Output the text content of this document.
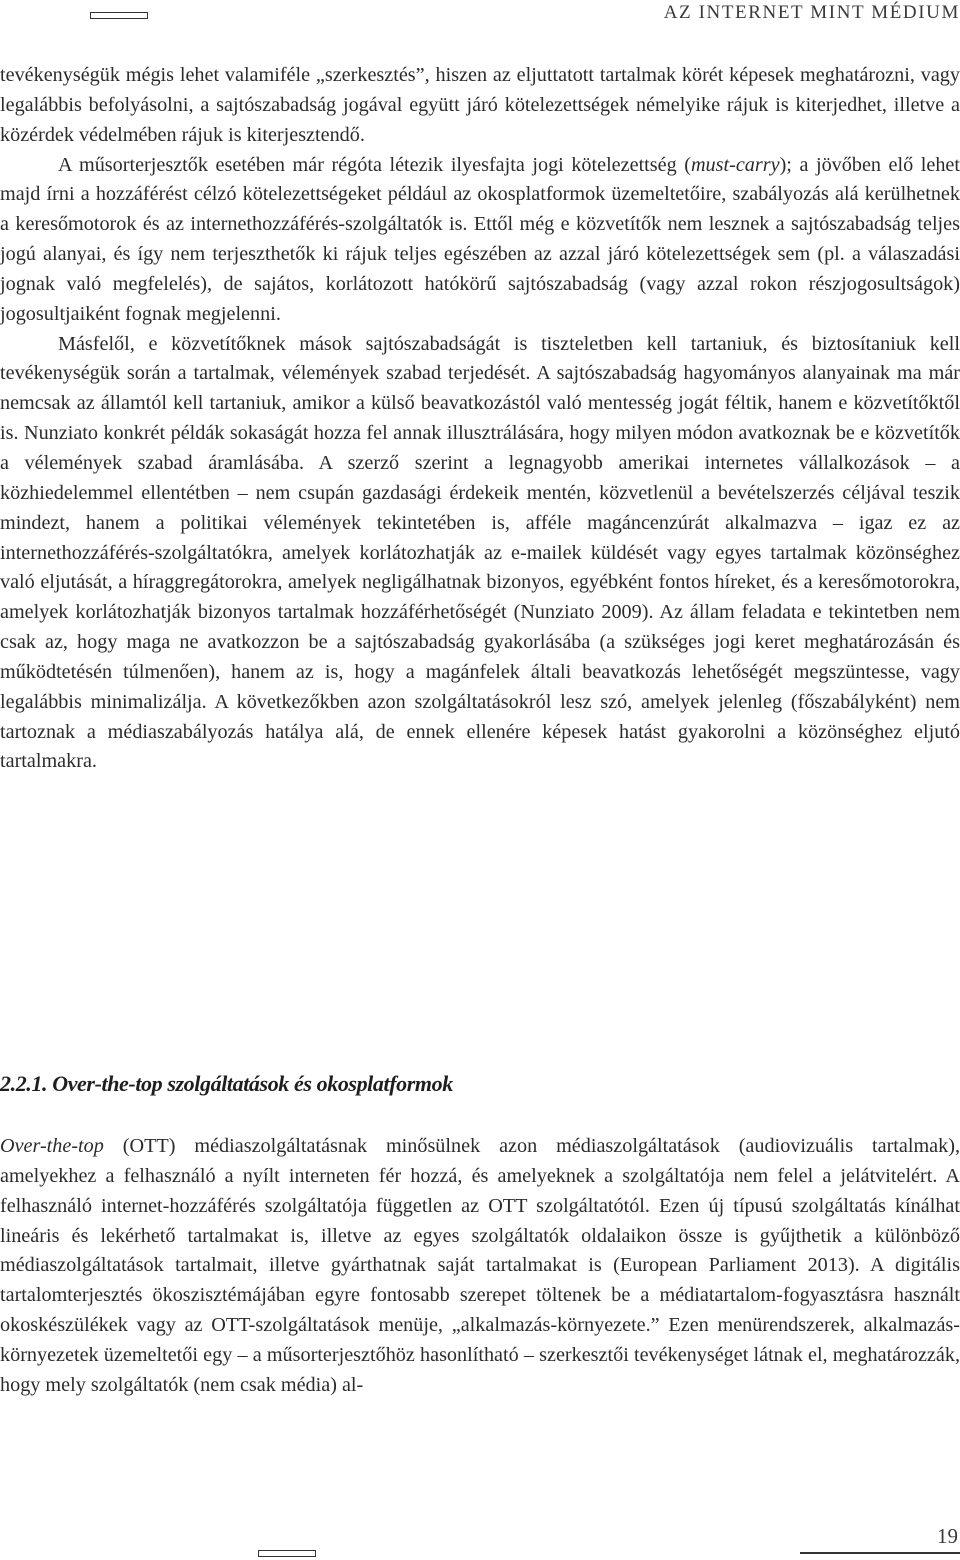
AZ INTERNET MINT MÉDIUM

tevékenységük mégis lehet valamiféle „szerkesztés”, hiszen az eljuttatott tartalmak körét képesek meghatározni, vagy legalábbis befolyásolni, a sajtószabadság jogával együtt járó kötelezettségek némelyike rájuk is kiterjedhet, illetve a közérdek védelmében rájuk is kiterjesztendő.

A műsorterjesztők esetében már régóta létezik ilyesfajta jogi kötelezettség (must-carry); a jövőben elő lehet majd írni a hozzáférést célzó kötelezettségeket például az okosplatformok üzemeltetőire, szabályozás alá kerülhetnek a keresőmotorok és az internethozzáférés-szolgáltatók is. Ettől még e közvetítők nem lesznek a sajtószabadság teljes jogú alanyai, és így nem terjeszthetők ki rájuk teljes egészében az azzal járó kötelezettségek sem (pl. a válaszadási jognak való megfelelés), de sajátos, korlátozott hatókörű sajtószabadság (vagy azzal rokon részjogosultságok) jogosultjaiként fognak megjelenni.

Másfelől, e közvetítőknek mások sajtószabadságát is tiszteletben kell tartaniuk, és biztosítaniuk kell tevékenységük során a tartalmak, vélemények szabad terjedését. A sajtószabadság hagyományos alanyainak ma már nemcsak az államtól kell tartaniuk, amikor a külső beavatkozástól való mentesség jogát féltik, hanem e közvetítőktől is. Nunziato konkrét példák sokaságát hozza fel annak illusztrálására, hogy milyen módon avatkoznak be e közvetítők a vélemények szabad áramlásába. A szerző szerint a legnagyobb amerikai internetes vállalkozások – a közhiedelemmel ellentétben – nem csupán gazdasági érdekeik mentén, közvetlenül a bevételszerzés céljával teszik mindezt, hanem a politikai vélemények tekintetében is, afféle magáncenzúrát alkalmazva – igaz ez az internethozzáférés-szolgáltatókra, amelyek korlátozhatják az e-mailek küldését vagy egyes tartalmak közönséghez való eljutását, a híraggregátorokra, amelyek negligálhatnak bizonyos, egyébként fontos híreket, és a keresőmotorokra, amelyek korlátozhatják bizonyos tartalmak hozzáférhetőségét (Nunziato 2009). Az állam feladata e tekintetben nem csak az, hogy maga ne avatkozzon be a sajtószabadság gyakorlásába (a szükséges jogi keret meghatározásán és működtetésén túlmenően), hanem az is, hogy a magánfelek általi beavatkozás lehetőségét megszüntesse, vagy legalábbis minimalizálja. A következőkben azon szolgáltatásokról lesz szó, amelyek jelenleg (főszabályként) nem tartoznak a médiaszabályozás hatálya alá, de ennek ellenére képesek hatást gyakorolni a közönséghez eljutó tartalmakra.

2.2.1. Over-the-top szolgáltatások és okosplatformok

Over-the-top (OTT) médiaszolgáltatásnak minősülnek azon médiaszolgáltatások (audiovizuális tartalmak), amelyekhez a felhasználó a nyílt interneten fér hozzá, és amelyeknek a szolgáltatója nem felel a jelátvitelért. A felhasználó internet-hozzáférés szolgáltatója független az OTT szolgáltatótól. Ezen új típusú szolgáltatás kínálhat lineáris és lekérhető tartalmakat is, illetve az egyes szolgáltatók oldalaikon össze is gyűjthetik a különböző médiaszolgáltatások tartalmait, illetve gyárthatnak saját tartalmakat is (European Parliament 2013). A digitális tartalomterjesztés ökoszisztémájában egyre fontosabb szerepet töltenek be a médiatartalom-fogyasztásra használt okoskészülékek vagy az OTT-szolgáltatások menüje, „alkalmazás-környezete.” Ezen menürendszerek, alkalmazás-környezetek üzemeltetői egy – a műsorterjesztőhöz hasonlítható – szerkesztői tevékenységet látnak el, meghatározzák, hogy mely szolgáltatók (nem csak média) al-

19
